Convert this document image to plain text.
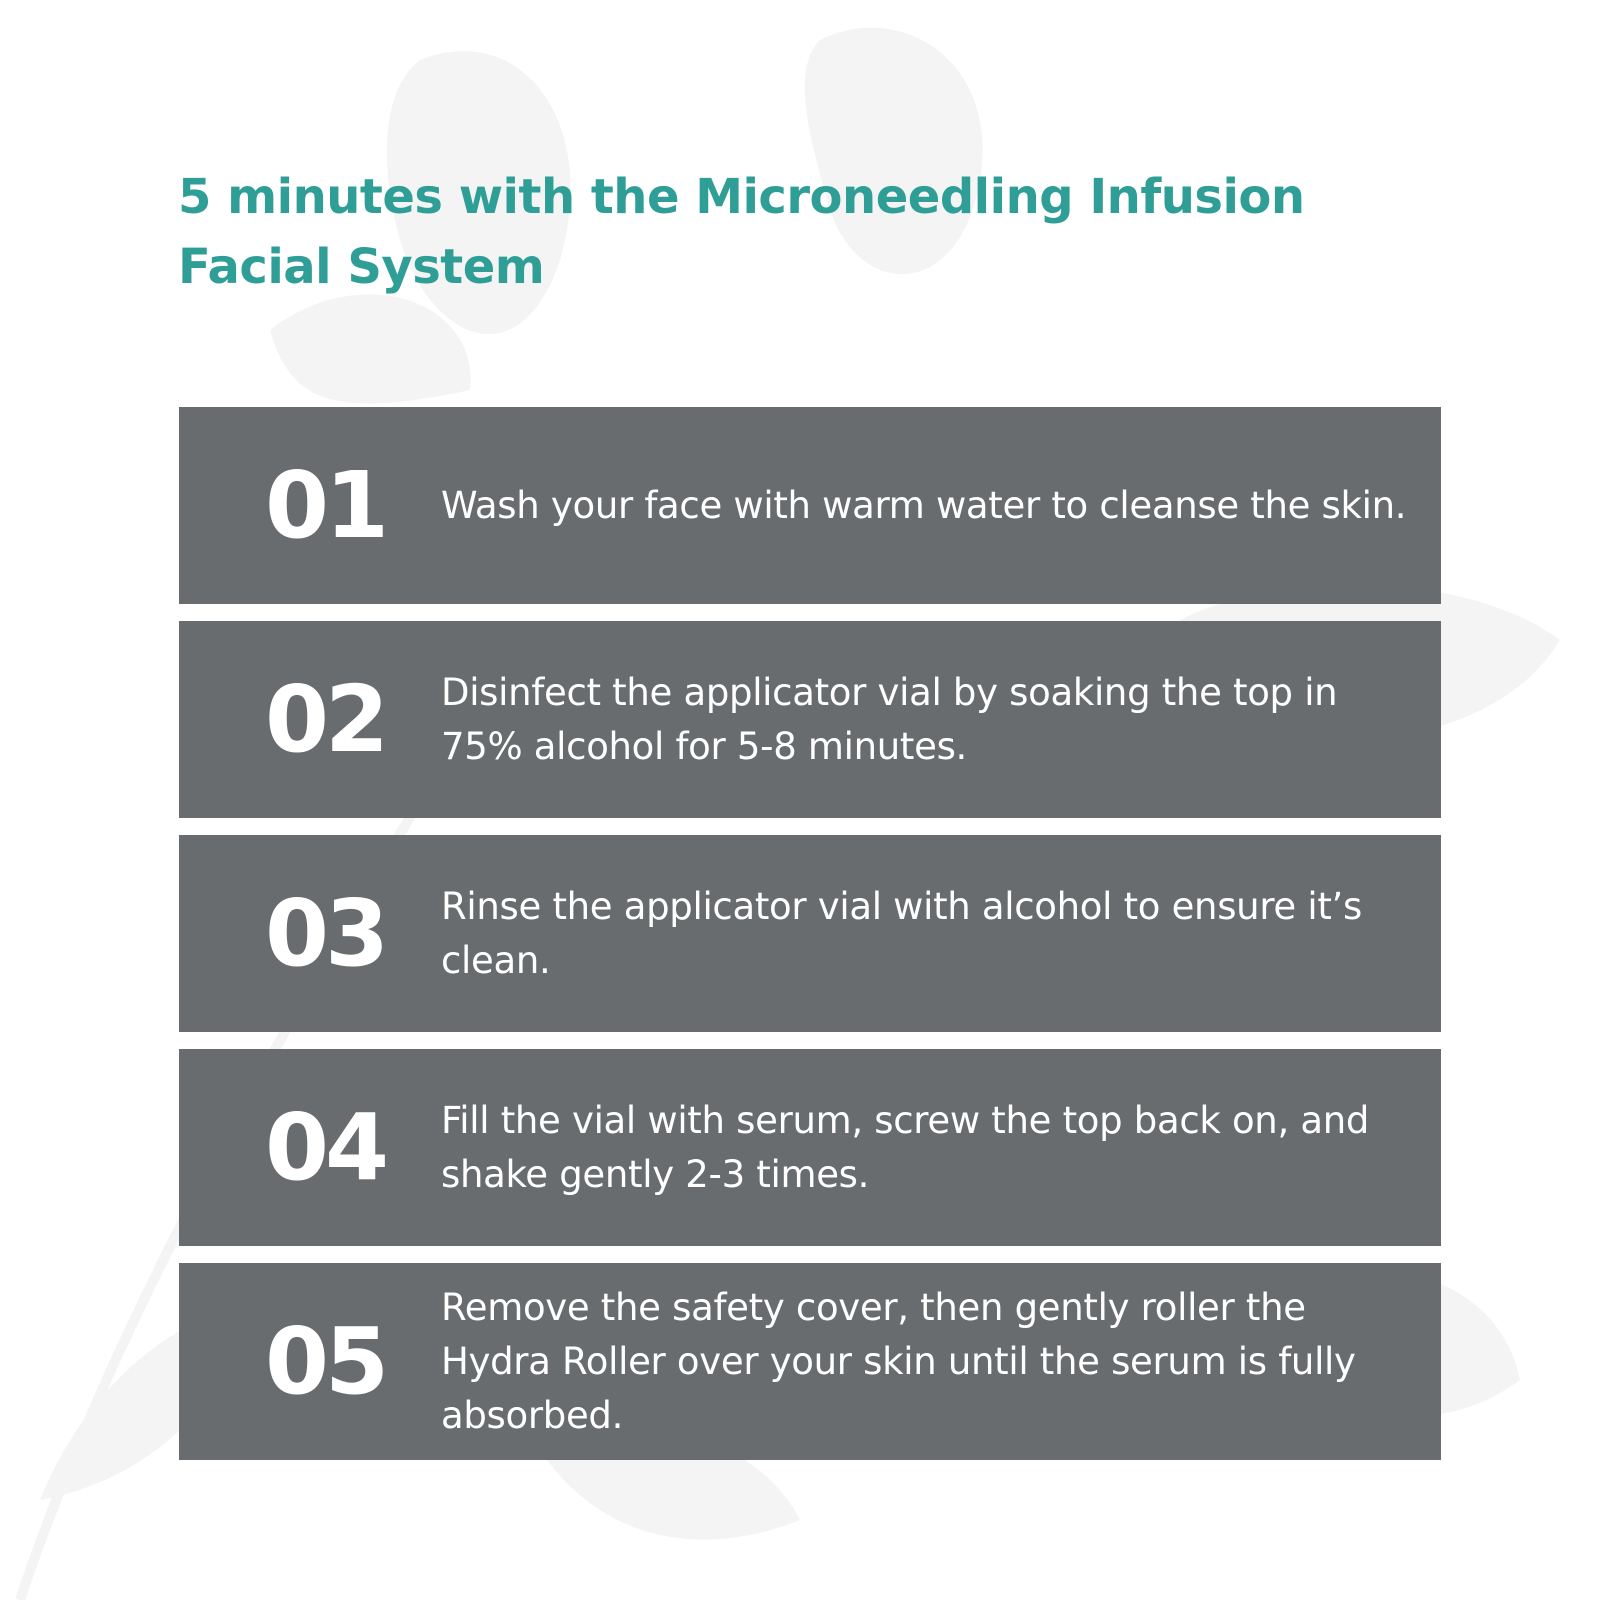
5 minutes with the Microneedling Infusion Facial System
01	Wash your face with warm water to cleanse the skin.
02	Disinfect the applicator vial by soaking the top in 75% alcohol for 5-8 minutes.
03	Rinse the applicator vial with alcohol to ensure it’s clean.
04	Fill the vial with serum, screw the top back on, and shake gently 2-3 times.
05
Remove the safety cover, then gently roller the Hydra Roller over your skin until the serum is fully absorbed.
